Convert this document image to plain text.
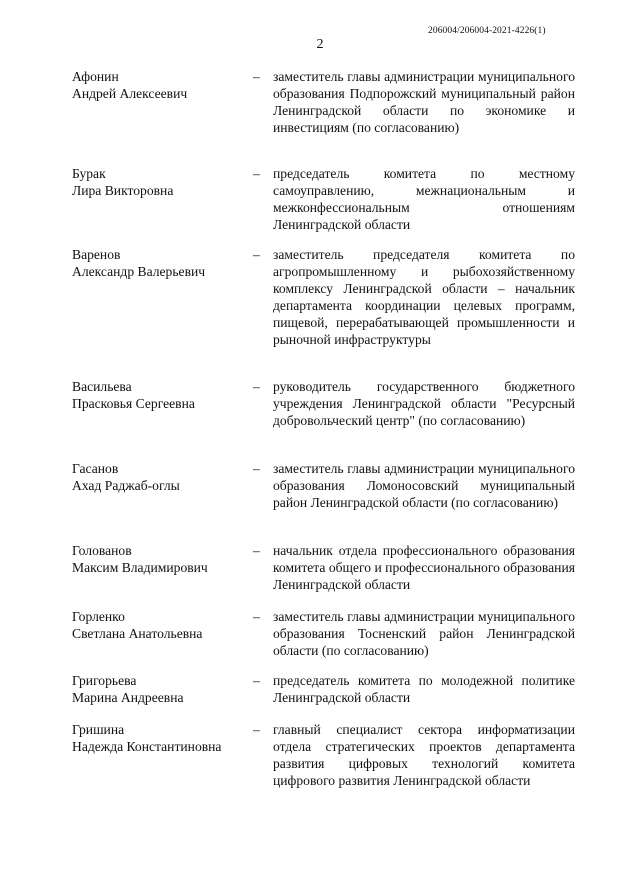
206004/206004-2021-4226(1)
2
Афонин
Андрей Алексеевич
– заместитель главы администрации муниципального образования Подпорожский муниципальный район Ленинградской области по экономике и инвестициям (по согласованию)
Бурак
Лира Викторовна
– председатель комитета по местному самоуправлению, межнациональным и межконфессиональным отношениям Ленинградской области
Варенов
Александр Валерьевич
– заместитель председателя комитета по агропромышленному и рыбохозяйственному комплексу Ленинградской области – начальник департамента координации целевых программ, пищевой, перерабатывающей промышленности и рыночной инфраструктуры
Васильева
Прасковья Сергеевна
– руководитель государственного бюджетного учреждения Ленинградской области "Ресурсный добровольческий центр" (по согласованию)
Гасанов
Ахад Раджаб-оглы
– заместитель главы администрации муниципального образования Ломоносовский муниципальный район Ленинградской области (по согласованию)
Голованов
Максим Владимирович
– начальник отдела профессионального образования комитета общего и профессионального образования Ленинградской области
Горленко
Светлана Анатольевна
– заместитель главы администрации муниципального образования Тосненский район Ленинградской области (по согласованию)
Григорьева
Марина Андреевна
– председатель комитета по молодежной политике Ленинградской области
Гришина
Надежда Константиновна
– главный специалист сектора информатизации отдела стратегических проектов департамента развития цифровых технологий комитета цифрового развития Ленинградской области
